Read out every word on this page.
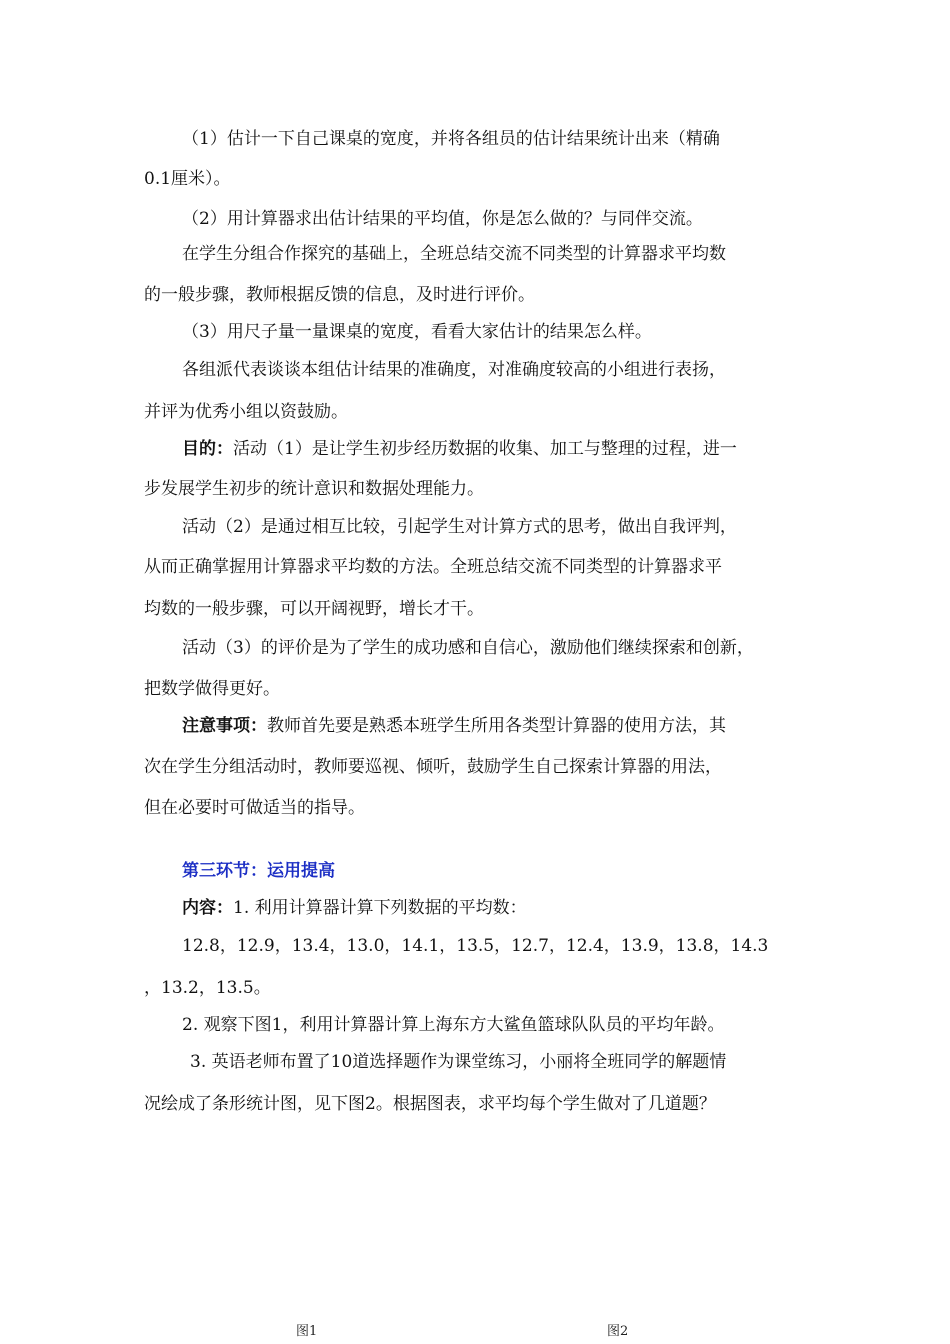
（1）估计一下自己课桌的宽度，并将各组员的估计结果统计出来（精确
0.1厘米）。
（2）用计算器求出估计结果的平均值，你是怎么做的？与同伴交流。
在学生分组合作探究的基础上，全班总结交流不同类型的计算器求平均数
的一般步骤，教师根据反馈的信息，及时进行评价。
（3）用尺子量一量课桌的宽度，看看大家估计的结果怎么样。
各组派代表谈谈本组估计结果的准确度，对准确度较高的小组进行表扬，
并评为优秀小组以资鼓励。
目的：活动（1）是让学生初步经历数据的收集、加工与整理的过程，进一
步发展学生初步的统计意识和数据处理能力。
活动（2）是通过相互比较，引起学生对计算方式的思考，做出自我评判，
从而正确掌握用计算器求平均数的方法。全班总结交流不同类型的计算器求平
均数的一般步骤，可以开阔视野，增长才干。
活动（3）的评价是为了学生的成功感和自信心，激励他们继续探索和创新，
把数学做得更好。
注意事项：教师首先要是熟悉本班学生所用各类型计算器的使用方法，其
次在学生分组活动时，教师要巡视、倾听，鼓励学生自己探索计算器的用法，
但在必要时可做适当的指导。
第三环节：运用提高
内容：1. 利用计算器计算下列数据的平均数：
12.8，12.9，13.4，13.0，14.1，13.5，12.7，12.4，13.9，13.8，14.3
，13.2，13.5。
2. 观察下图1，利用计算器计算上海东方大鲨鱼篮球队队员的平均年龄。
3. 英语老师布置了10道选择题作为课堂练习，小丽将全班同学的解题情
况绘成了条形统计图，见下图2。根据图表，求平均每个学生做对了几道题？
图1	图2
